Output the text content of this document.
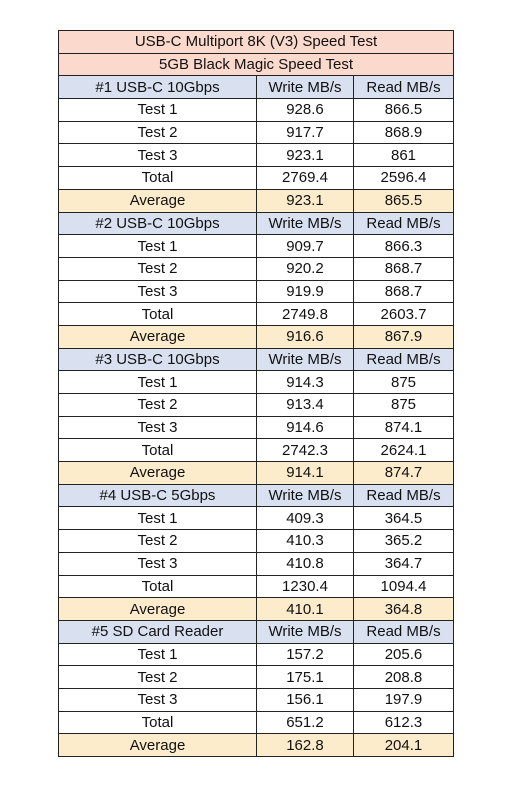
USB-C Multiport 8K (V3) Speed Test		
5GB Black Magic Speed Test		
#1 USB-C 10Gbps	Write MB/s	Read MB/s
Test 1	928.6	866.5
Test 2	917.7	868.9
Test 3	923.1	861
Total	2769.4	2596.4
Average	923.1	865.5
#2 USB-C 10Gbps	Write MB/s	Read MB/s
Test 1	909.7	866.3
Test 2	920.2	868.7
Test 3	919.9	868.7
Total	2749.8	2603.7
Average	916.6	867.9
#3 USB-C 10Gbps	Write MB/s	Read MB/s
Test 1	914.3	875
Test 2	913.4	875
Test 3	914.6	874.1
Total	2742.3	2624.1
Average	914.1	874.7
#4 USB-C 5Gbps	Write MB/s	Read MB/s
Test 1	409.3	364.5
Test 2	410.3	365.2
Test 3	410.8	364.7
Total	1230.4	1094.4
Average	410.1	364.8
#5 SD Card Reader	Write MB/s	Read MB/s
Test 1	157.2	205.6
Test 2	175.1	208.8
Test 3	156.1	197.9
Total	651.2	612.3
Average	162.8	204.1
